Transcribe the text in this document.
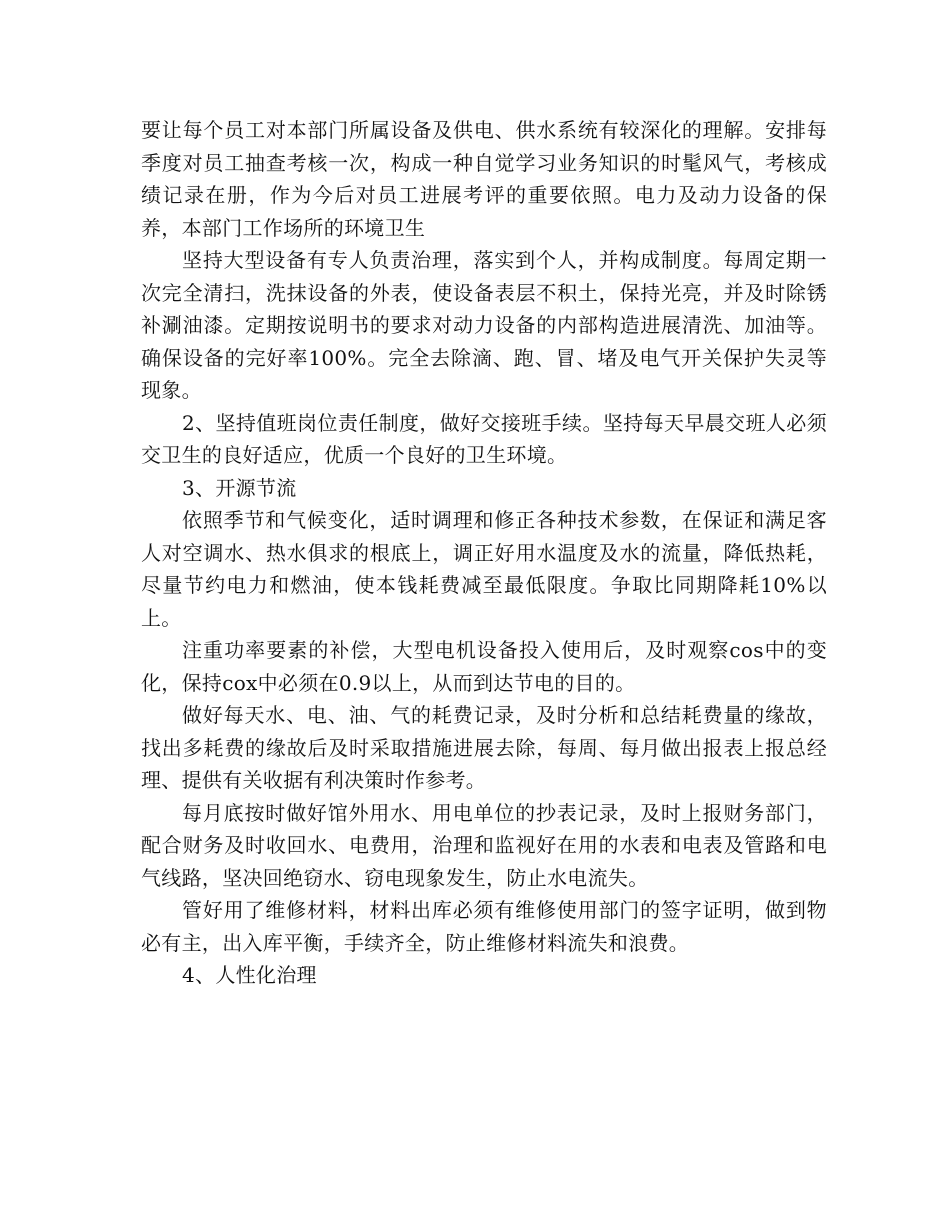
要让每个员工对本部门所属设备及供电、供水系统有较深化的理解。安排每季度对员工抽查考核一次，构成一种自觉学习业务知识的时髦风气，考核成绩记录在册，作为今后对员工进展考评的重要依照。电力及动力设备的保养，本部门工作场所的环境卫生

坚持大型设备有专人负责治理，落实到个人，并构成制度。每周定期一次完全清扫，洗抹设备的外表，使设备表层不积土，保持光亮，并及时除锈补涮油漆。定期按说明书的要求对动力设备的内部构造进展清洗、加油等。确保设备的完好率100%。完全去除滴、跑、冒、堵及电气开关保护失灵等现象。

2、坚持值班岗位责任制度，做好交接班手续。坚持每天早晨交班人必须交卫生的良好适应，优质一个良好的卫生环境。

3、开源节流

依照季节和气候变化，适时调理和修正各种技术参数，在保证和满足客人对空调水、热水俱求的根底上，调正好用水温度及水的流量，降低热耗，尽量节约电力和燃油，使本钱耗费减至最低限度。争取比同期降耗10%以上。

注重功率要素的补偿，大型电机设备投入使用后，及时观察cos中的变化，保持cox中必须在0.9以上，从而到达节电的目的。

做好每天水、电、油、气的耗费记录，及时分析和总结耗费量的缘故，找出多耗费的缘故后及时采取措施进展去除，每周、每月做出报表上报总经理、提供有关收据有利决策时作参考。

每月底按时做好馆外用水、用电单位的抄表记录，及时上报财务部门，配合财务及时收回水、电费用，治理和监视好在用的水表和电表及管路和电气线路，坚决回绝窃水、窃电现象发生，防止水电流失。

管好用了维修材料，材料出库必须有维修使用部门的签字证明，做到物必有主，出入库平衡，手续齐全，防止维修材料流失和浪费。

4、人性化治理
